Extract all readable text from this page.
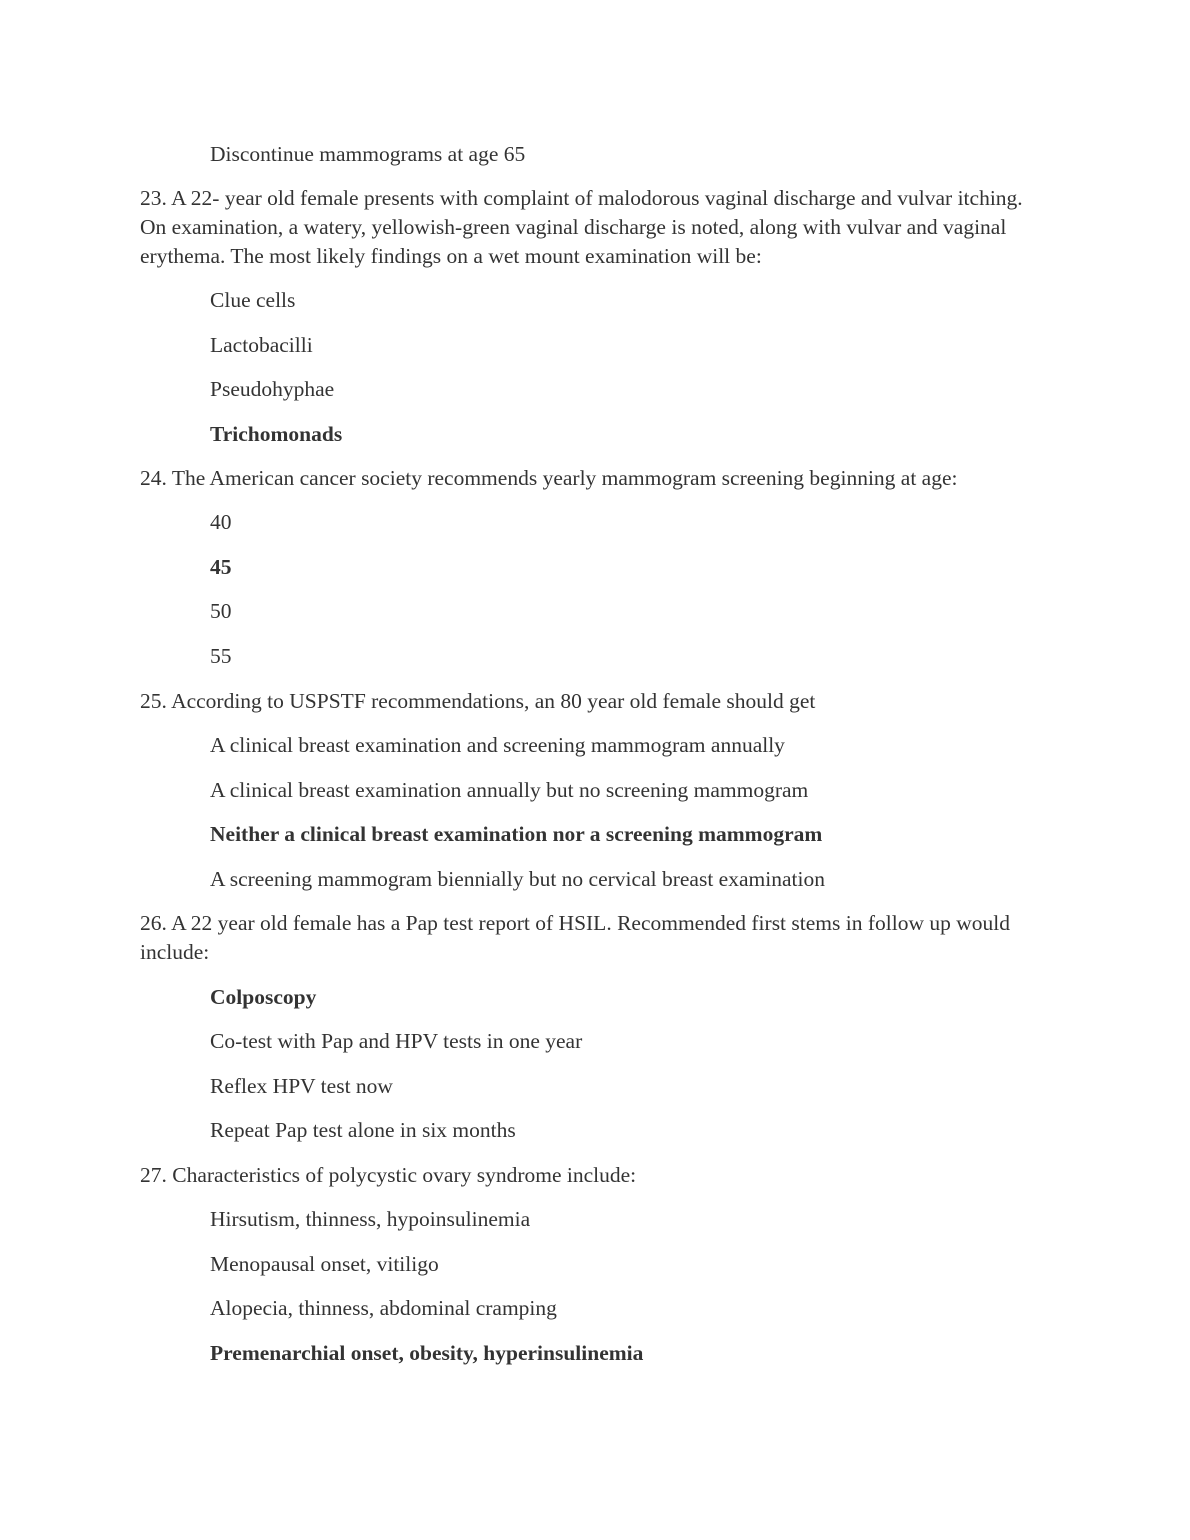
Discontinue mammograms at age 65
23. A 22- year old female presents with complaint of malodorous vaginal discharge and vulvar itching. On examination, a watery, yellowish-green vaginal discharge is noted, along with vulvar and vaginal erythema. The most likely findings on a wet mount examination will be:
Clue cells
Lactobacilli
Pseudohyphae
Trichomonads
24. The American cancer society recommends yearly mammogram screening beginning at age:
40
45
50
55
25. According to USPSTF recommendations, an 80 year old female should get
A clinical breast examination and screening mammogram annually
A clinical breast examination annually but no screening mammogram
Neither a clinical breast examination nor a screening mammogram
A screening mammogram biennially but no cervical breast examination
26. A 22 year old female has a Pap test report of HSIL. Recommended first stems in follow up would include:
Colposcopy
Co-test with Pap and HPV tests in one year
Reflex HPV test now
Repeat Pap test alone in six months
27. Characteristics of polycystic ovary syndrome include:
Hirsutism, thinness, hypoinsulinemia
Menopausal onset, vitiligo
Alopecia, thinness, abdominal cramping
Premenarchial onset, obesity, hyperinsulinemia
